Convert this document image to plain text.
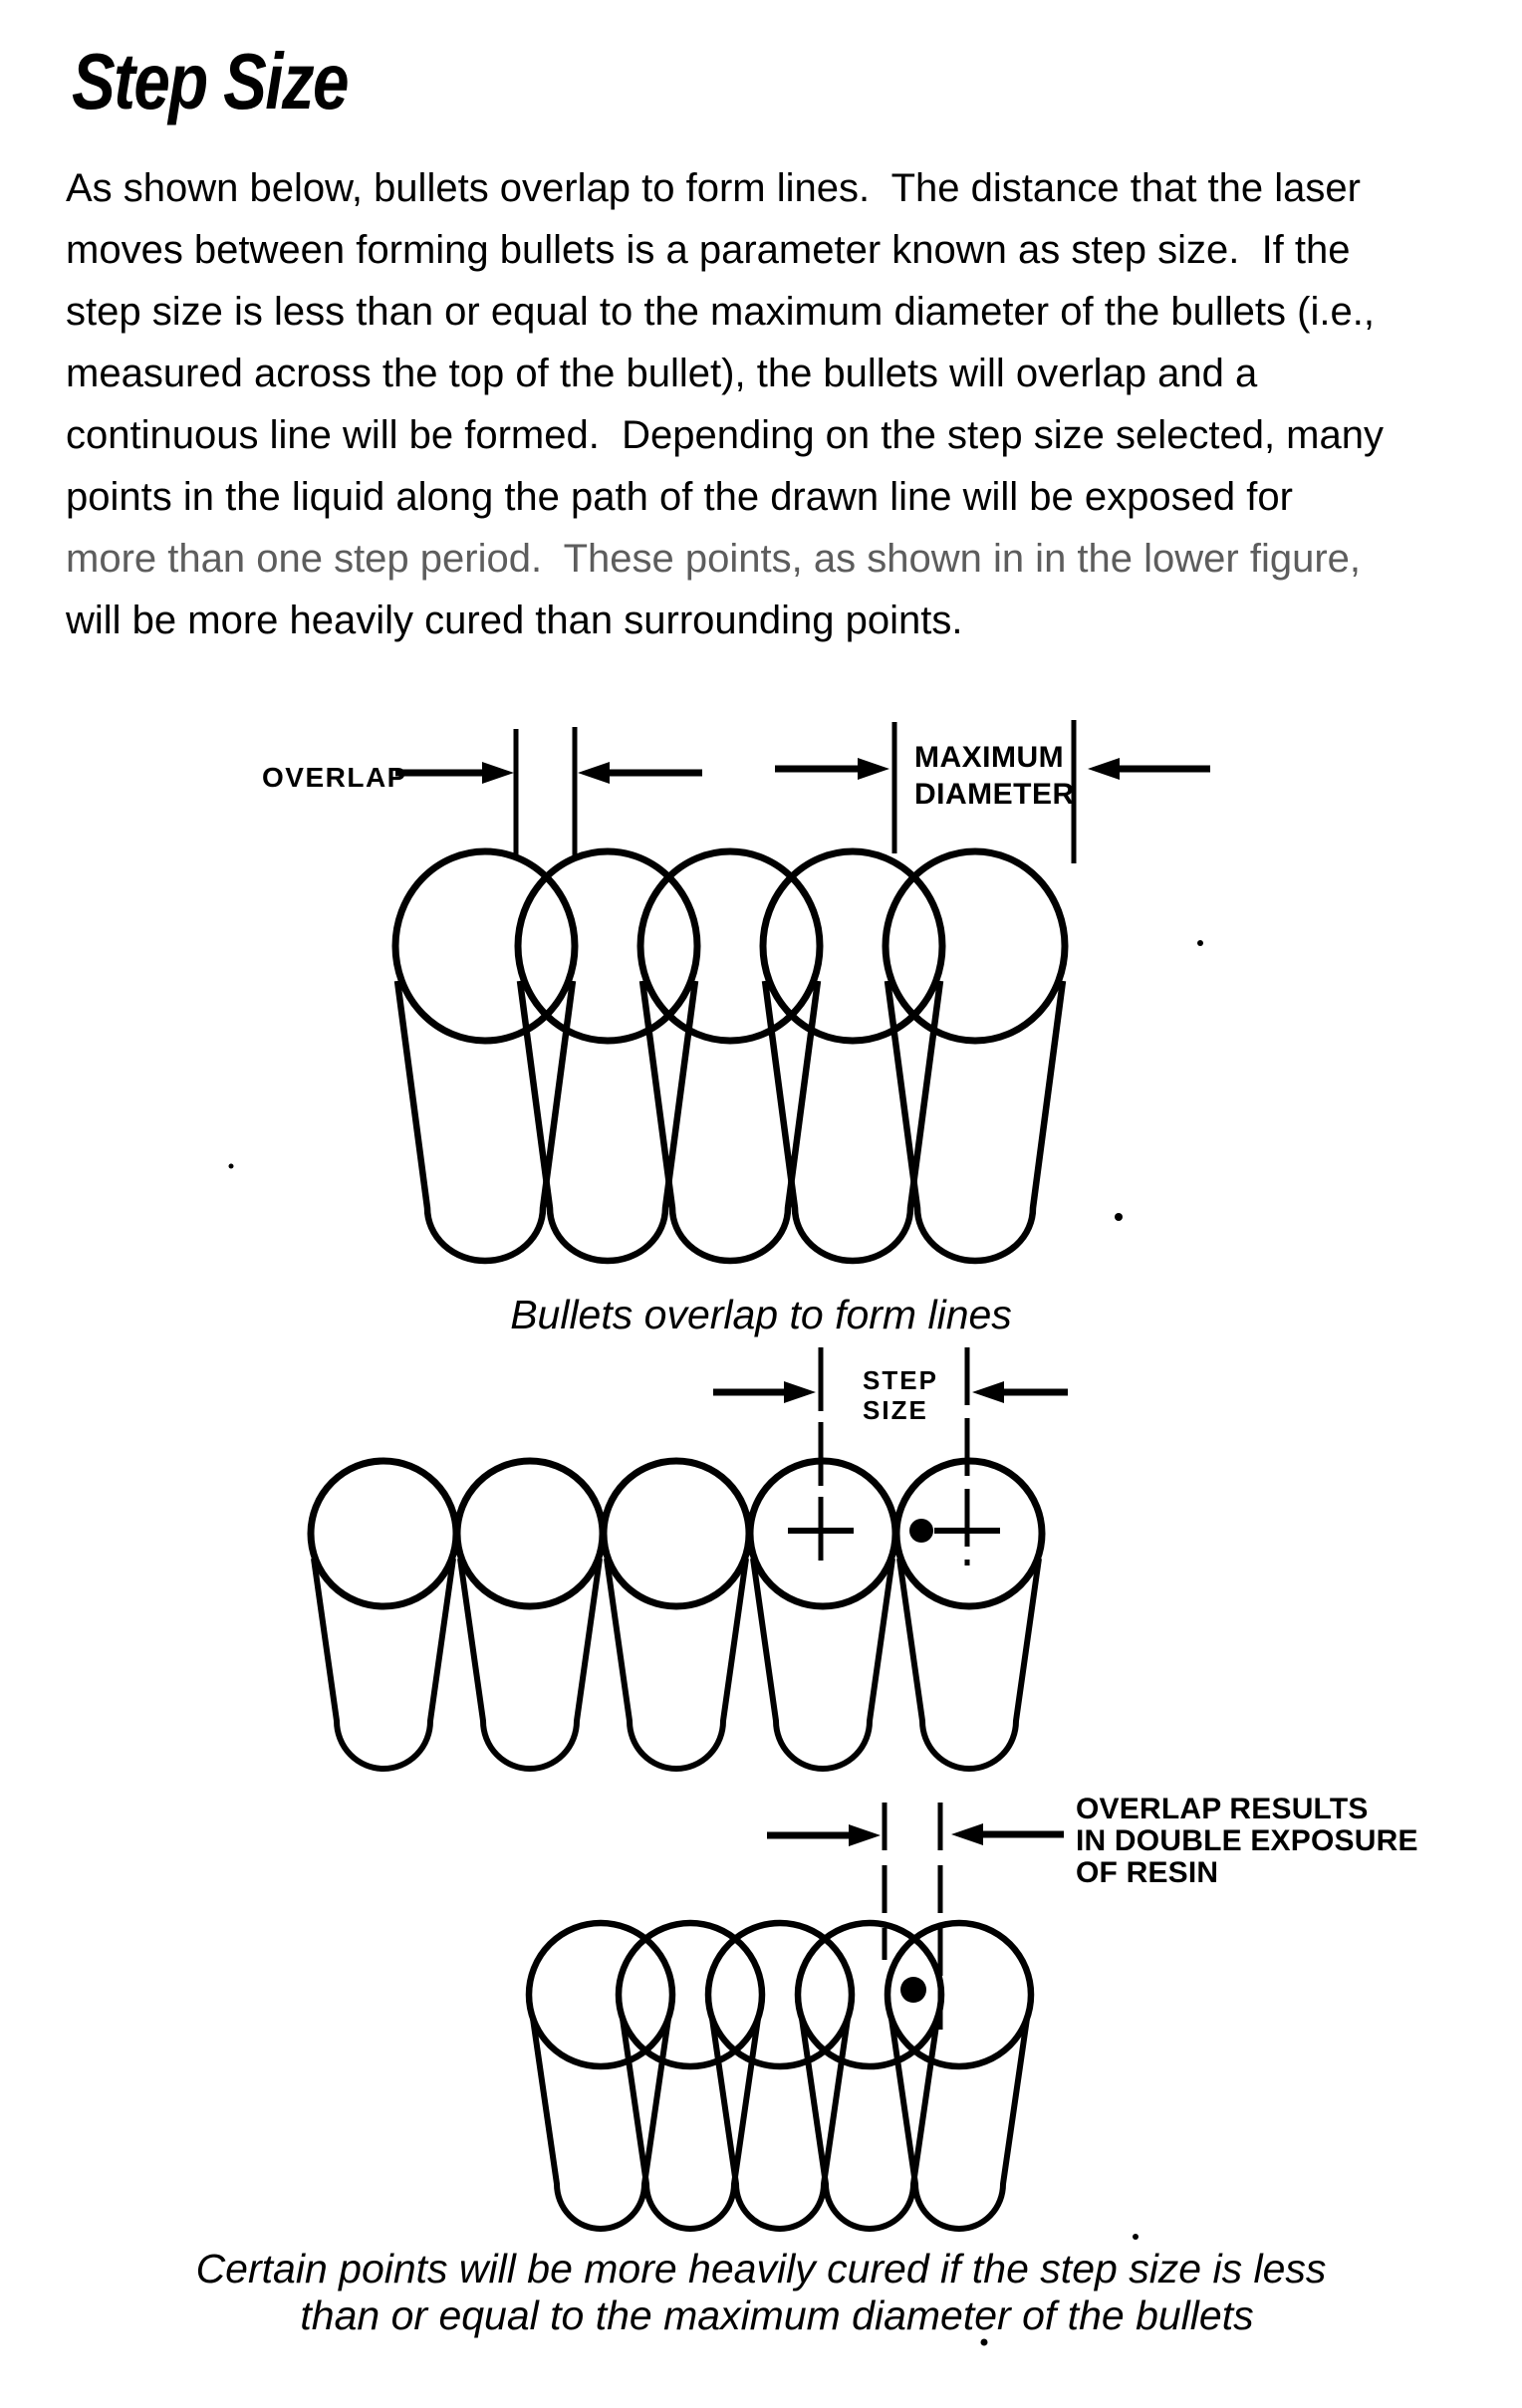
Step Size
As shown below, bullets overlap to form lines.  The distance that the laser
moves between forming bullets is a parameter known as step size.  If the
step size is less than or equal to the maximum diameter of the bullets (i.e.,
measured across the top of the bullet), the bullets will overlap and a
continuous line will be formed.  Depending on the step size selected, many
points in the liquid along the path of the drawn line will be exposed for
more than one step period.  These points, as shown in in the lower figure,
will be more heavily cured than surrounding points.
OVERLAP
MAXIMUM
DIAMETER
STEP
SIZE
OVERLAP RESULTS
IN DOUBLE EXPOSURE
OF RESIN
Bullets overlap to form lines
Certain points will be more heavily cured if the step size is less
than or equal to the maximum diameter of the bullets
